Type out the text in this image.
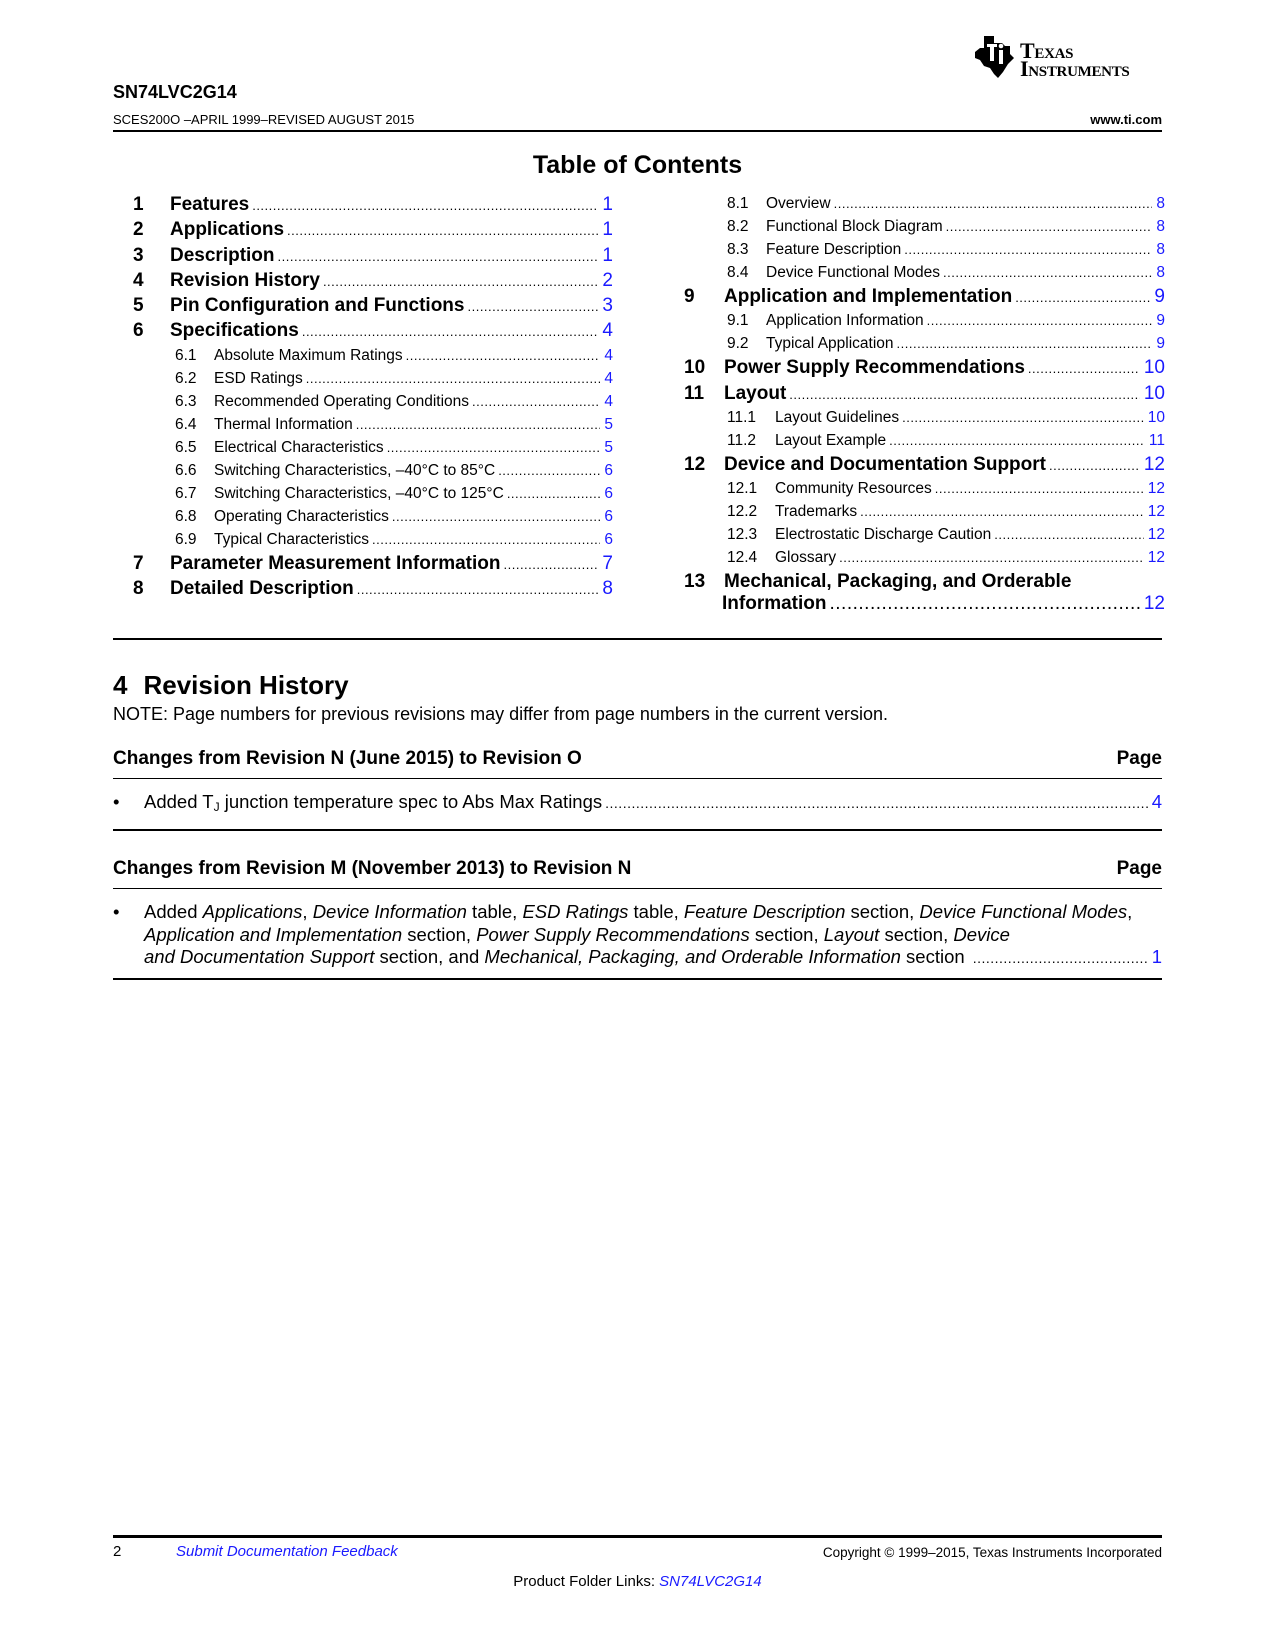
Texas
Instruments
SN74LVC2G14
SCES200O –APRIL 1999–REVISED AUGUST 2015	www.ti.com
Table of Contents
1	Features .....	1
2	Applications .....	1
3	Description .....	1
4	Revision History .....	2
5	Pin Configuration and Functions .....	3
6	Specifications .....	4
6.1	Absolute Maximum Ratings .....	4
6.2	ESD Ratings .....	4
6.3	Recommended Operating Conditions .....	4
6.4	Thermal Information .....	5
6.5	Electrical Characteristics .....	5
6.6	Switching Characteristics, –40°C to 85°C .....	6
6.7	Switching Characteristics, –40°C to 125°C .....	6
6.8	Operating Characteristics .....	6
6.9	Typical Characteristics .....	6
7	Parameter Measurement Information .....	7
8	Detailed Description .....	8
8.1	Overview .....	8
8.2	Functional Block Diagram .....	8
8.3	Feature Description .....	8
8.4	Device Functional Modes .....	8
9	Application and Implementation .....	9
9.1	Application Information .....	9
9.2	Typical Application .....	9
10 Power Supply Recommendations .....	10
11	Layout .....	10
11.1	Layout Guidelines .....	10
11.2	Layout Example .....	11
12 Device and Documentation Support .....	12
12.1	Community Resources .....	12
12.2	Trademarks .....	12
12.3	Electrostatic Discharge Caution .....	12
12.4	Glossary .....	12
13 Mechanical, Packaging, and Orderable
Information .....	12
4 Revision History
NOTE: Page numbers for previous revisions may differ from page numbers in the current version.
Changes from Revision N (June 2015) to Revision O	Page
• Added $T_J$ junction temperature spec to Abs Max Ratings .....	4
Changes from Revision M (November 2013) to Revision N	Page
• Added Applications, Device Information table, ESD Ratings table, Feature Description section, Device Functional Modes, Application and Implementation section, Power Supply Recommendations section, Layout section, Device
and Documentation Support section, and Mechanical, Packaging, and Orderable Information section .....	1
2	Submit Documentation Feedback	Copyright © 1999–2015, Texas Instruments Incorporated
Product Folder Links: SN74LVC2G14
